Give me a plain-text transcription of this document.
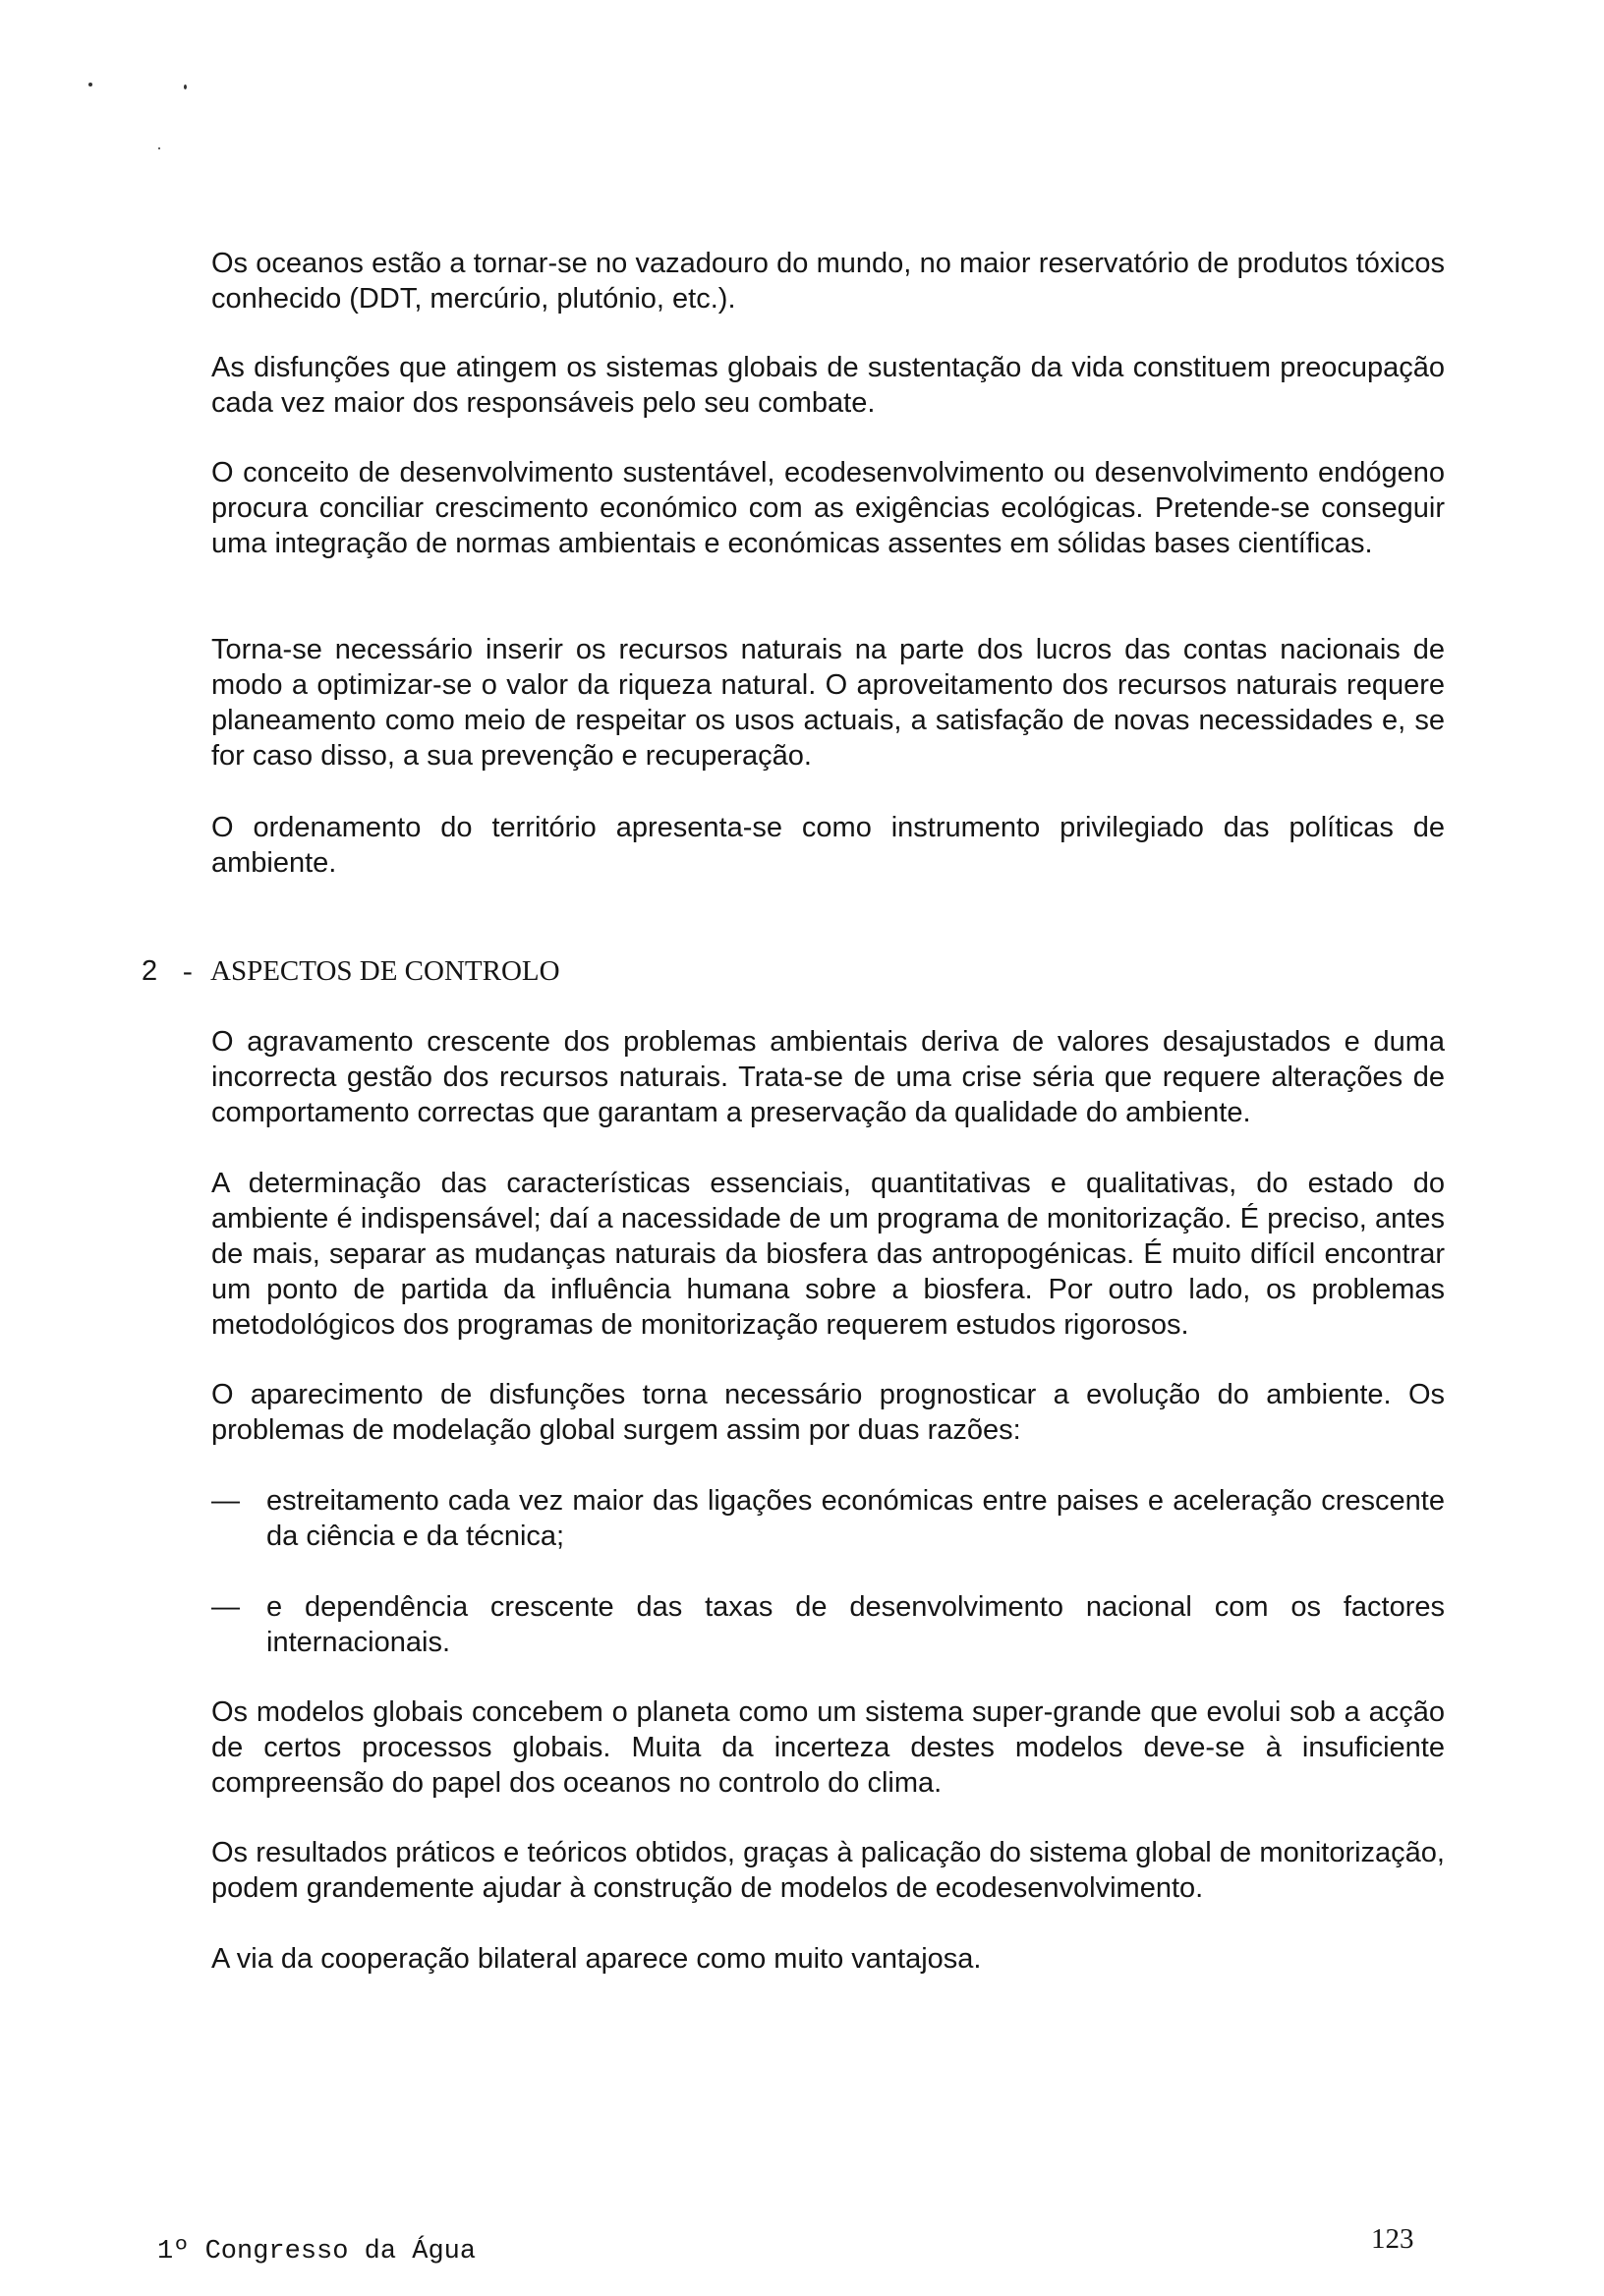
Os oceanos estão a tornar-se no vazadouro do mundo, no maior reservatório de produtos tóxicos conhecido (DDT, mercúrio, plutónio, etc.).

As disfunções que atingem os sistemas globais de sustentação da vida constituem preocupação cada vez maior dos responsáveis pelo seu combate.

O conceito de desenvolvimento sustentável, ecodesenvolvimento ou desenvolvimento endógeno procura conciliar crescimento económico com as exigências ecológicas. Pretende-se conseguir uma integração de normas ambientais e económicas assentes em sólidas bases científicas.

Torna-se necessário inserir os recursos naturais na parte dos lucros das contas nacionais de modo a optimizar-se o valor da riqueza natural. O aproveitamento dos recursos naturais requere planeamento como meio de respeitar os usos actuais, a satisfação de novas necessidades e, se for caso disso, a sua prevenção e recuperação.

O ordenamento do território apresenta-se como instrumento privilegiado das políticas de ambiente.

2 - ASPECTOS DE CONTROLO

O agravamento crescente dos problemas ambientais deriva de valores desajustados e duma incorrecta gestão dos recursos naturais. Trata-se de uma crise séria que requere alterações de comportamento correctas que garantam a preservação da qualidade do ambiente.

A determinação das características essenciais, quantitativas e qualitativas, do estado do ambiente é indispensável; daí a nacessidade de um programa de monitorização. É preciso, antes de mais, separar as mudanças naturais da biosfera das antropogénicas. É muito difícil encontrar um ponto de partida da influência humana sobre a biosfera. Por outro lado, os problemas metodológicos dos programas de monitorização requerem estudos rigorosos.

O aparecimento de disfunções torna necessário prognosticar a evolução do ambiente. Os problemas de modelação global surgem assim por duas razões:

— estreitamento cada vez maior das ligações económicas entre paises e aceleração crescente da ciência e da técnica;
— e dependência crescente das taxas de desenvolvimento nacional com os factores internacionais.

Os modelos globais concebem o planeta como um sistema super-grande que evolui sob a acção de certos processos globais. Muita da incerteza destes modelos deve-se à insuficiente compreensão do papel dos oceanos no controlo do clima.

Os resultados práticos e teóricos obtidos, graças à palicação do sistema global de monitorização, podem grandemente ajudar à construção de modelos de ecodesenvolvimento.

A via da cooperação bilateral aparece como muito vantajosa.

1º Congresso da Água	123
